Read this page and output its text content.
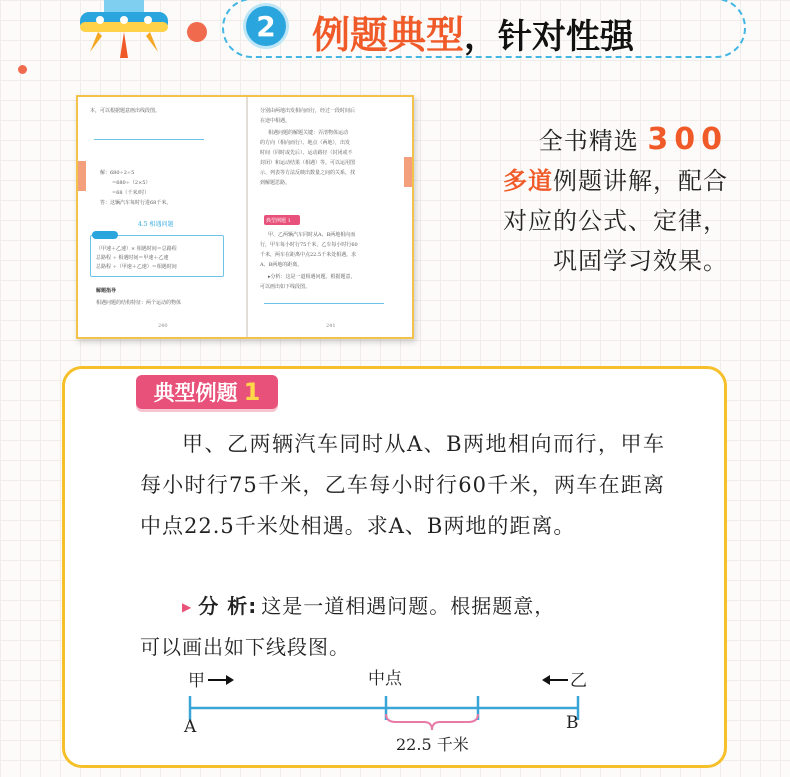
2 例题典型 ，针对性强
本，可以根据题意画出线段图。
解：680÷2÷5
=680÷（2×5）
=68（千米/时）
答：这辆汽车每时行进68千米。
4.5 相遇问题
（甲速＋乙速）× 相遇时间＝总路程
总路程 ÷ 相遇时间＝甲速＋乙速
总路程 ÷（甲速＋乙速）＝相遇时间
解题指导
相遇问题的结构特征：两个运动的物体
240
分别由两地出发相向而行，经过一段时间后
在途中相遇。
相遇问题的解题关键：弄清物体运动
的方向（相向而行）、地点（两地），出发
时间（同时或先后）、运动路径（封闭或不
封闭）和运动结果（相遇）等。可以运用图
示、列表等方法反映出数量之间的关系，找
到解题思路。
典型例题 1
甲、乙两辆汽车同时从A、B两地相向而
行，甲车每小时行75千米，乙车每小时行60
千米，两车在距离中点22.5千米处相遇。求
A、B两地的距离。
▸分析：这是一道相遇问题。根据题意，
可以画出如下线段图。
241
全书精选 300
多道例题讲解，配合
对应的公式、定律，
巩固学习效果。
典型例题 1
甲、乙两辆汽车同时从A、B两地相向而行，甲车每小时行75千米，乙车每小时行60千米，两车在距离中点22.5千米处相遇。求A、B两地的距离。
▶ 分 析: 这是一道相遇问题。根据题意，
可以画出如下线段图。
甲	中点	乙
A	B
22.5 千米
